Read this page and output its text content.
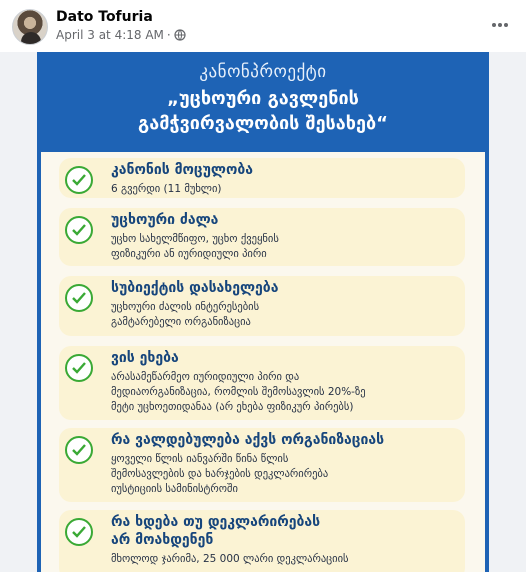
Dato Tofuria
April 3 at 4:18 AM ·
კანონპროექტი
„უცხოური გავლენის
გამჭვირვალობის შესახებ“
კანონის მოცულობა
6 გვერდი (11 მუხლი)
უცხოური ძალა
უცხო სახელმწიფო, უცხო ქვეყნის
ფიზიკური ან იურიდიული პირი
სუბიექტის დასახელება
უცხოური ძალის ინტერესების
გამტარებელი ორგანიზაცია
ვის ეხება
არასამეწარმეო იურიდიული პირი და
მედიაორგანიზაცია, რომლის შემოსავლის 20%-ზე
მეტი უცხოეთიდანაა (არ ეხება ფიზიკურ პირებს)
რა ვალდებულება აქვს ორგანიზაციას
ყოველი წლის იანვარში წინა წლის
შემოსავლების და ხარჯების დეკლარირება
იუსტიციის სამინისტროში
რა ხდება თუ დეკლარირებას
არ მოახდენენ
მხოლოდ ჯარიმა, 25 000 ლარი დეკლარაციის
